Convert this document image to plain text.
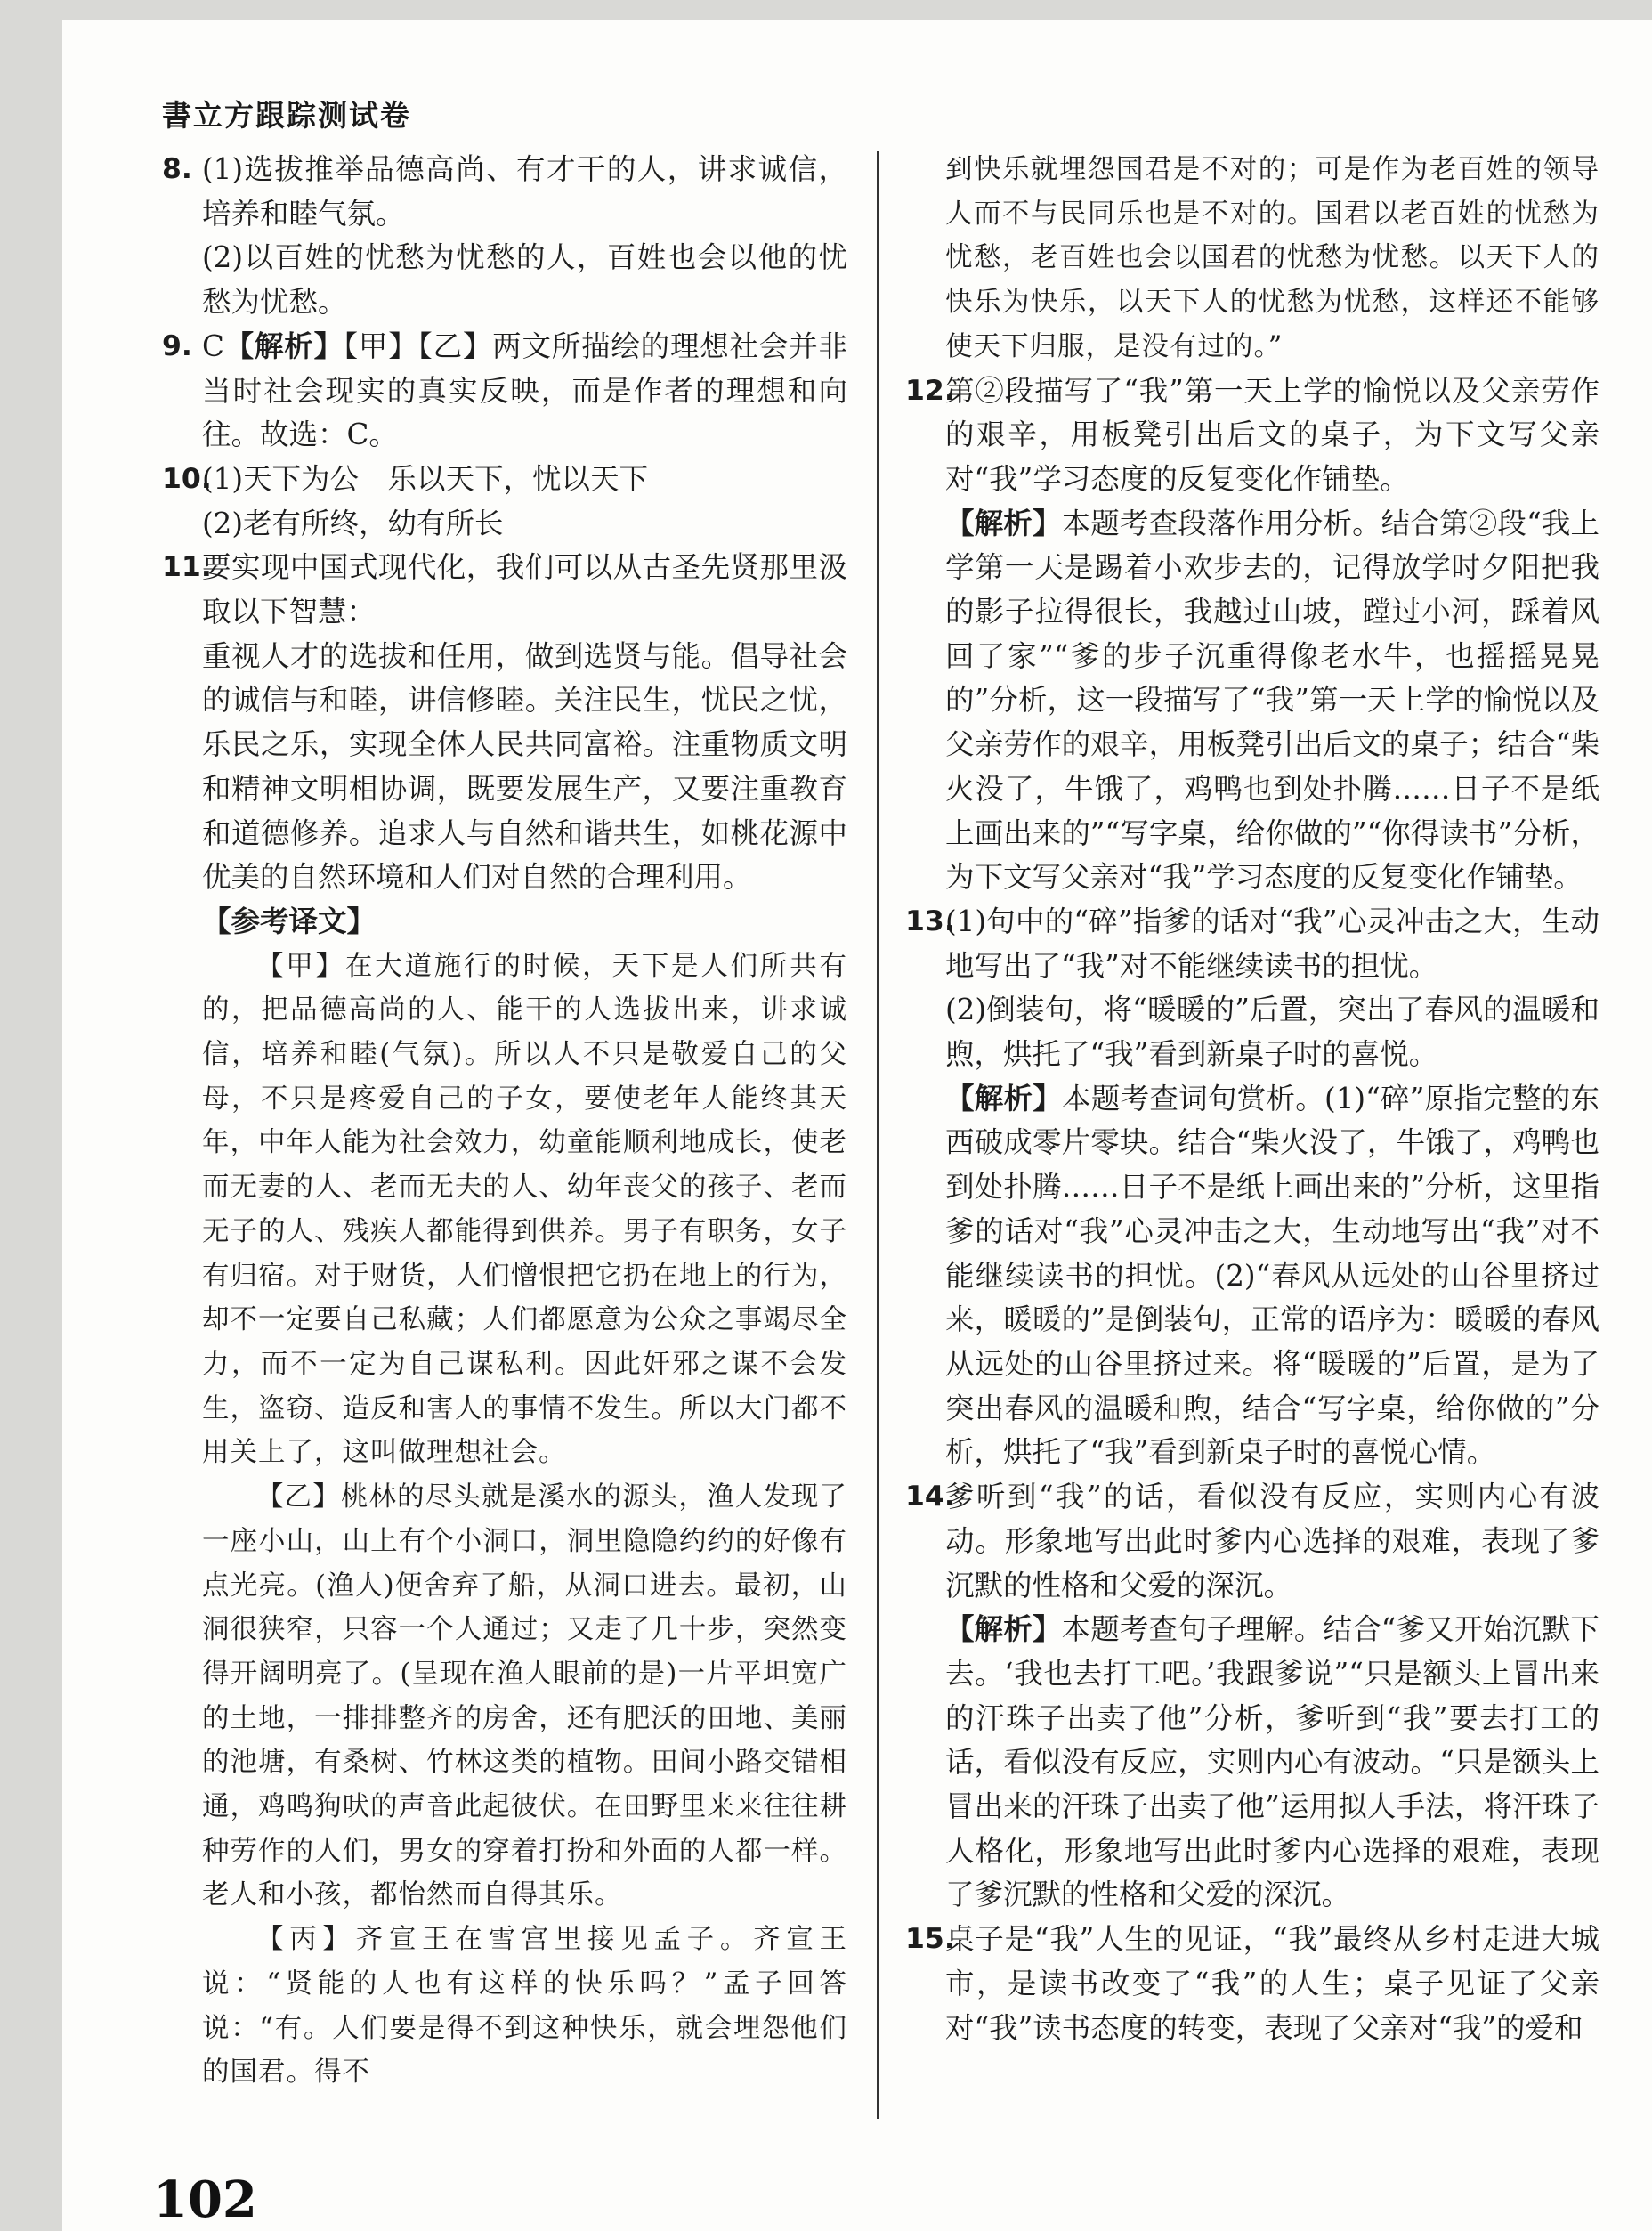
書立方跟踪测试卷
8. (1)选拔推举品德高尚、有才干的人，讲求诚信，培养和睦气氛。

(2)以百姓的忧愁为忧愁的人，百姓也会以他的忧愁为忧愁。

9. C【解析】【甲】【乙】两文所描绘的理想社会并非当时社会现实的真实反映，而是作者的理想和向往。故选：C。

10.

(1)天下为公　乐以天下，忧以天下

(2)老有所终，幼有所长

11.

要实现中国式现代化，我们可以从古圣先贤那里汲取以下智慧：

重视人才的选拔和任用，做到选贤与能。倡导社会的诚信与和睦，讲信修睦。关注民生，忧民之忧，乐民之乐，实现全体人民共同富裕。注重物质文明和精神文明相协调，既要发展生产，又要注重教育和道德修养。追求人与自然和谐共生，如桃花源中优美的自然环境和人们对自然的合理利用。

【参考译文】

【甲】在大道施行的时候，天下是人们所共有的，把品德高尚的人、能干的人选拔出来，讲求诚信，培养和睦(气氛)。所以人不只是敬爱自己的父母，不只是疼爱自己的子女，要使老年人能终其天年，中年人能为社会效力，幼童能顺利地成长，使老而无妻的人、老而无夫的人、幼年丧父的孩子、老而无子的人、残疾人都能得到供养。男子有职务，女子有归宿。对于财货，人们憎恨把它扔在地上的行为，却不一定要自己私藏；人们都愿意为公众之事竭尽全力，而不一定为自己谋私利。因此奸邪之谋不会发生，盗窃、造反和害人的事情不发生。所以大门都不用关上了，这叫做理想社会。

【乙】桃林的尽头就是溪水的源头，渔人发现了一座小山，山上有个小洞口，洞里隐隐约约的好像有点光亮。(渔人)便舍弃了船，从洞口进去。最初，山洞很狭窄，只容一个人通过；又走了几十步，突然变得开阔明亮了。(呈现在渔人眼前的是)一片平坦宽广的土地，一排排整齐的房舍，还有肥沃的田地、美丽的池塘，有桑树、竹林这类的植物。田间小路交错相通，鸡鸣狗吠的声音此起彼伏。在田野里来来往往耕种劳作的人们，男女的穿着打扮和外面的人都一样。老人和小孩，都怡然而自得其乐。

【丙】齐宣王在雪宫里接见孟子。齐宣王说：“贤能的人也有这样的快乐吗？”孟子回答说：“有。人们要是得不到这种快乐，就会埋怨他们的国君。得不

到快乐就埋怨国君是不对的；可是作为老百姓的领导人而不与民同乐也是不对的。国君以老百姓的忧愁为忧愁，老百姓也会以国君的忧愁为忧愁。以天下人的快乐为快乐，以天下人的忧愁为忧愁，这样还不能够使天下归服，是没有过的。”

12.

第②段描写了“我”第一天上学的愉悦以及父亲劳作的艰辛，用板凳引出后文的桌子，为下文写父亲对“我”学习态度的反复变化作铺垫。

【解析】本题考查段落作用分析。结合第②段“我上学第一天是踢着小欢步去的，记得放学时夕阳把我的影子拉得很长，我越过山坡，蹚过小河，踩着风回了家”“爹的步子沉重得像老水牛，也摇摇晃晃的”分析，这一段描写了“我”第一天上学的愉悦以及父亲劳作的艰辛，用板凳引出后文的桌子；结合“柴火没了，牛饿了，鸡鸭也到处扑腾……日子不是纸上画出来的”“写字桌，给你做的”“你得读书”分析，为下文写父亲对“我”学习态度的反复变化作铺垫。

13.

(1)句中的“碎”指爹的话对“我”心灵冲击之大，生动地写出了“我”对不能继续读书的担忧。

(2)倒装句，将“暖暖的”后置，突出了春风的温暖和煦，烘托了“我”看到新桌子时的喜悦。

【解析】本题考查词句赏析。(1)“碎”原指完整的东西破成零片零块。结合“柴火没了，牛饿了，鸡鸭也到处扑腾……日子不是纸上画出来的”分析，这里指爹的话对“我”心灵冲击之大，生动地写出“我”对不能继续读书的担忧。(2)“春风从远处的山谷里挤过来，暖暖的”是倒装句，正常的语序为：暖暖的春风从远处的山谷里挤过来。将“暖暖的”后置，是为了突出春风的温暖和煦，结合“写字桌，给你做的”分析，烘托了“我”看到新桌子时的喜悦心情。

14.

爹听到“我”的话，看似没有反应，实则内心有波动。形象地写出此时爹内心选择的艰难，表现了爹沉默的性格和父爱的深沉。

【解析】本题考查句子理解。结合“爹又开始沉默下去。‘我也去打工吧。’我跟爹说”“只是额头上冒出来的汗珠子出卖了他”分析，爹听到“我”要去打工的话，看似没有反应，实则内心有波动。“只是额头上冒出来的汗珠子出卖了他”运用拟人手法，将汗珠子人格化，形象地写出此时爹内心选择的艰难，表现了爹沉默的性格和父爱的深沉。

15.

桌子是“我”人生的见证，“我”最终从乡村走进大城市，是读书改变了“我”的人生；桌子见证了父亲对“我”读书态度的转变，表现了父亲对“我”的爱和

102
